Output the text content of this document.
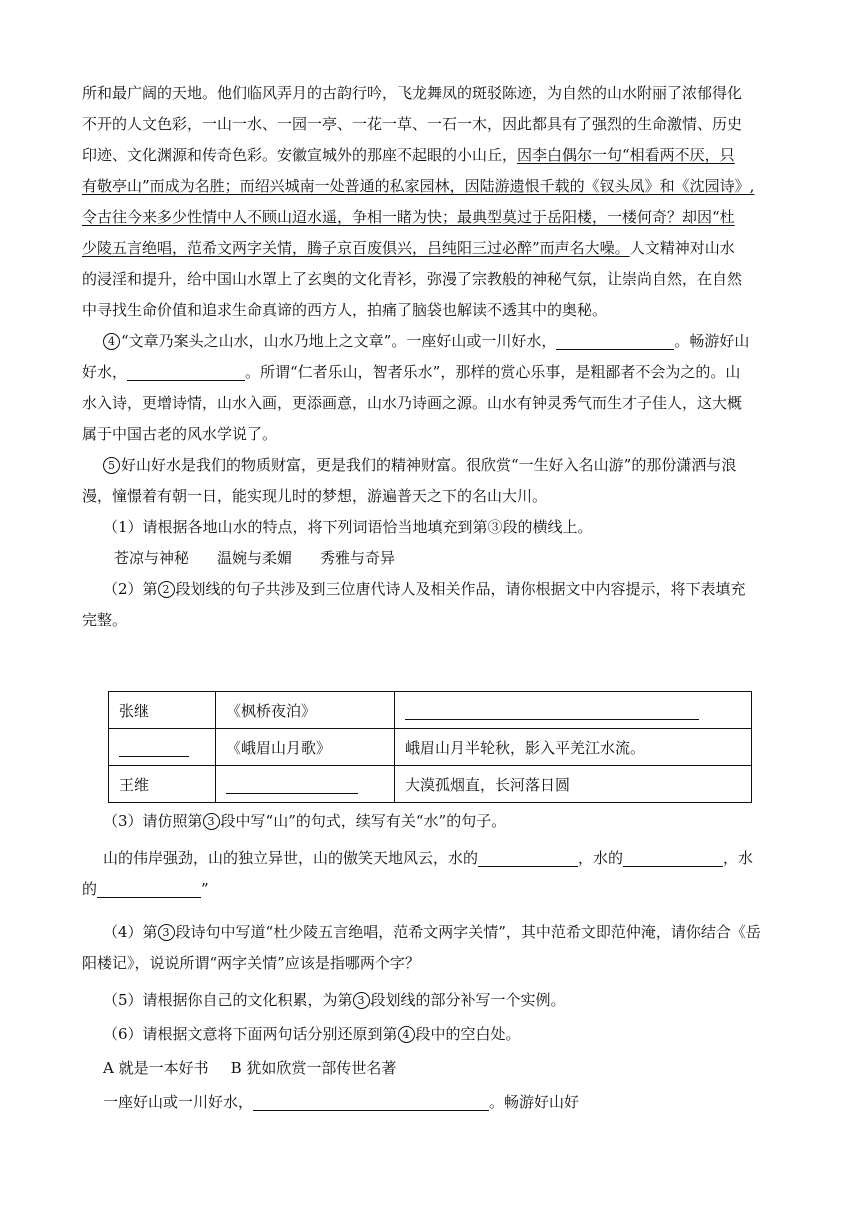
所和最广阔的天地。他们临风弄月的古韵行吟，飞龙舞凤的斑驳陈迹，为自然的山水附丽了浓郁得化
不开的人文色彩，一山一水、一园一亭、一花一草、一石一木，因此都具有了强烈的生命激情、历史
印迹、文化渊源和传奇色彩。安徽宣城外的那座不起眼的小山丘，因李白偶尔一句“相看两不厌，只
有敬亭山”而成为名胜；而绍兴城南一处普通的私家园林，因陆游遗恨千载的《钗头凤》和《沈园诗》,
令古往今来多少性情中人不顾山迢水遥，争相一睹为快；最典型莫过于岳阳楼，一楼何奇？却因“杜
少陵五言绝唱，范希文两字关情，腾子京百废俱兴，吕纯阳三过必醉”而声名大噪。人文精神对山水
的浸淫和提升，给中国山水罩上了玄奥的文化青衫，弥漫了宗教般的神秘气氛，让崇尚自然，在自然
中寻找生命价值和追求生命真谛的西方人，拍痛了脑袋也解读不透其中的奥秘。
4 “文章乃案头之山水，山水乃地上之文章”。一座好山或一川好水，	。畅游好山
好水，	。所谓“仁者乐山，智者乐水”，那样的赏心乐事，是粗鄙者不会为之的。山
水入诗，更增诗情，山水入画，更添画意，山水乃诗画之源。山水有钟灵秀气而生才子佳人，这大概
属于中国古老的风水学说了。
5 好山好水是我们的物质财富，更是我们的精神财富。很欣赏“一生好入名山游”的那份潇洒与浪
漫，憧憬着有朝一日，能实现儿时的梦想，游遍普天之下的名山大川。
（1）请根据各地山水的特点，将下列词语恰当地填充到第③段的横线上。
苍凉与神秘 温婉与柔媚 秀雅与奇异
（2）第 2 段划线的句子共涉及到三位唐代诗人及相关作品，请你根据文中内容提示，将下表填充
完整。
张继	《枫桥夜泊》	
	《峨眉山月歌》	峨眉山月半轮秋，影入平羌江水流。
王维		大漠孤烟直，长河落日圆
（3）请仿照第 3 段中写“山”的句式，续写有关“水”的句子。
山的伟岸强劲，山的独立异世，山的傲笑天地风云，水的	，水的	，水
的	”
（4）第 3 段诗句中写道“杜少陵五言绝唱，范希文两字关情”，其中范希文即范仲淹，请你结合《岳
阳楼记》，说说所谓“两字关情”应该是指哪两个字？
（5）请根据你自己的文化积累，为第 3 段划线的部分补写一个实例。
（6）请根据文意将下面两句话分别还原到第 4 段中的空白处。
A 就是一本好书 B 犹如欣赏一部传世名著
一座好山或一川好水，	。畅游好山好
